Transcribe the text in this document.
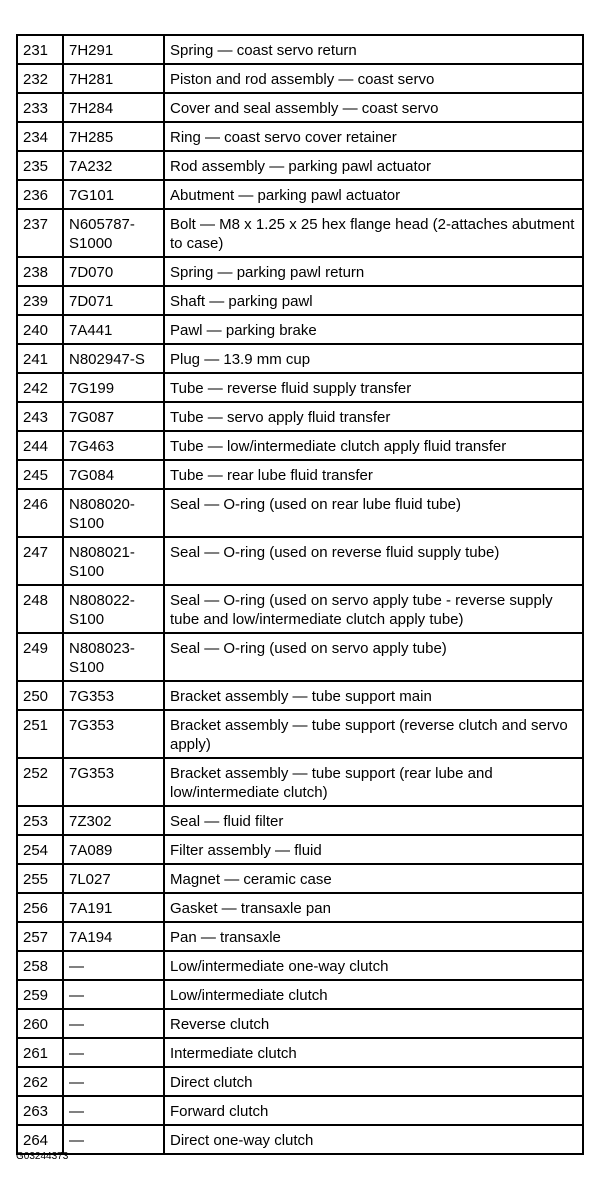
231	7H291	Spring — coast servo return
232	7H281	Piston and rod assembly — coast servo
233	7H284	Cover and seal assembly — coast servo
234	7H285	Ring — coast servo cover retainer
235	7A232	Rod assembly — parking pawl actuator
236	7G101	Abutment — parking pawl actuator
237	N605787-S1000	Bolt — M8 x 1.25 x 25 hex flange head (2-attaches abutment to case)
238	7D070	Spring — parking pawl return
239	7D071	Shaft — parking pawl
240	7A441	Pawl — parking brake
241	N802947-S	Plug — 13.9 mm cup
242	7G199	Tube — reverse fluid supply transfer
243	7G087	Tube — servo apply fluid transfer
244	7G463	Tube — low/intermediate clutch apply fluid transfer
245	7G084	Tube — rear lube fluid transfer
246	N808020-S100	Seal — O-ring (used on rear lube fluid tube)
247	N808021-S100	Seal — O-ring (used on reverse fluid supply tube)
248	N808022-S100	Seal — O-ring (used on servo apply tube - reverse supply tube and low/intermediate clutch apply tube)
249	N808023-S100	Seal — O-ring (used on servo apply tube)
250	7G353	Bracket assembly — tube support main
251	7G353	Bracket assembly — tube support (reverse clutch and servo apply)
252	7G353	Bracket assembly — tube support (rear lube and low/intermediate clutch)
253	7Z302	Seal — fluid filter
254	7A089	Filter assembly — fluid
255	7L027	Magnet — ceramic case
256	7A191	Gasket — transaxle pan
257	7A194	Pan — transaxle
258	—	Low/intermediate one-way clutch
259	—	Low/intermediate clutch
260	—	Reverse clutch
261	—	Intermediate clutch
262	—	Direct clutch
263	—	Forward clutch
264	—	Direct one-way clutch
G03244373
